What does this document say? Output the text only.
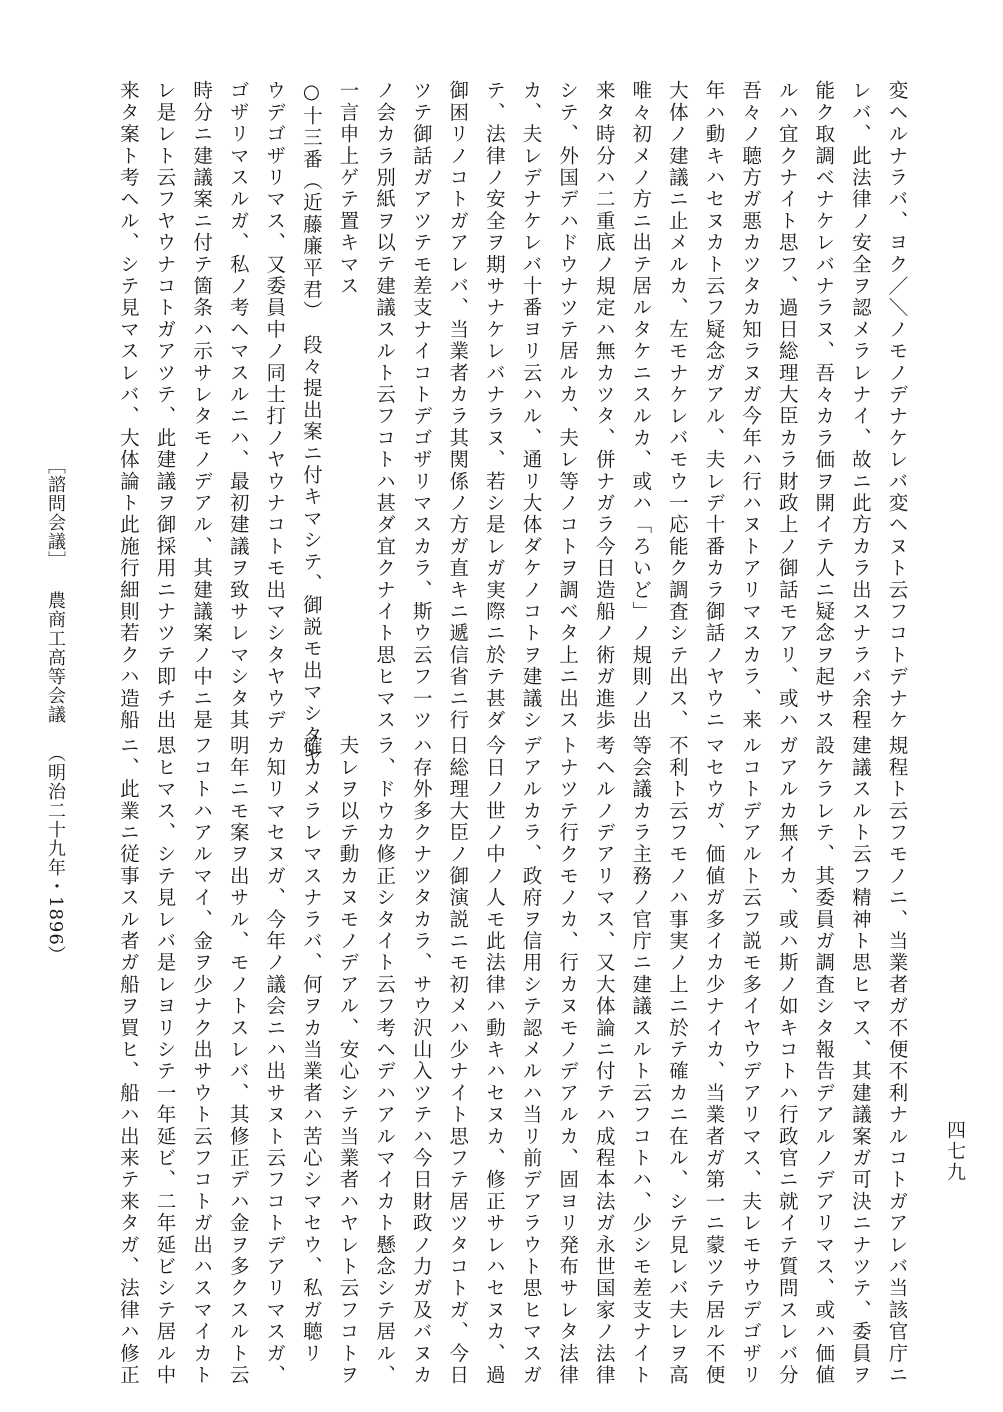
変ヘルナラバ、ヨク／＼ノモノデナケレバ変ヘヌト云フコトデナケ
レバ、此法律ノ安全ヲ認メラレナイ、故ニ此方カラ出スナラバ余程
能ク取調ベナケレバナラヌ、吾々カラ価ヲ開イテ人ニ疑念ヲ起サス
ルハ宜クナイト思フ、過日総理大臣カラ財政上ノ御話モアリ、或ハ
吾々ノ聴方ガ悪カツタカ知ラヌガ今年ハ行ハヌトアリマスカラ、来
年ハ動キハセヌカト云フ疑念ガアル、夫レデ十番カラ御話ノヤウニ
大体ノ建議ニ止メルカ、左モナケレバモウ一応能ク調査シテ出ス、
唯々初メノ方ニ出テ居ルタケニスルカ、或ハ「ろいど」ノ規則ノ出
来タ時分ハ二重底ノ規定ハ無カツタ、併ナガラ今日造船ノ術ガ進歩
シテ、外国デハドウナツテ居ルカ、夫レ等ノコトヲ調ベタ上ニ出ス
カ、夫レデナケレバ十番ヨリ云ハル、通リ大体ダケノコトヲ建議シ
テ、法律ノ安全ヲ期サナケレバナラヌ、若シ是レガ実際ニ於テ甚ダ
御困リノコトガアレバ、当業者カラ其関係ノ方ガ直キニ遞信省ニ行
ツテ御話ガアツテモ差支ナイコトデゴザリマスカラ、斯ウ云フ一ツ
ノ会カラ別紙ヲ以テ建議スルト云フコトハ甚ダ宜クナイト思ヒマス
一言申上ゲテ置キマス
○十三番（近藤廉平君）　段々提出案ニ付キマシテ、御説モ出マシタヤ
ウデゴザリマス、又委員中ノ同士打ノヤウナコトモ出マシタヤウデ
ゴザリマスルガ、私ノ考ヘマスルニハ、最初建議ヲ致サレマシタ其
時分ニ建議案ニ付テ箇条ハ示サレタモノデアル、其建議案ノ中ニ是
レ是レト云フヤウナコトガアツテ、此建議ヲ御採用ニナツテ即チ出
来タ案ト考ヘル、シテ見マスレバ、大体論ト此施行細則若クハ造船
規程ト云フモノニ、当業者ガ不便不利ナルコトガアレバ当該官庁ニ
建議スルト云フ精神ト思ヒマス、其建議案ガ可決ニナツテ、委員ヲ
設ケラレテ、其委員ガ調査シタ報告デアルノデアリマス、或ハ価値
ガアルカ無イカ、或ハ斯ノ如キコトハ行政官ニ就イテ質問スレバ分
ルコトデアルト云フ説モ多イヤウデアリマス、夫レモサウデゴザリ
マセウガ、価値ガ多イカ少ナイカ、当業者ガ第一ニ蒙ツテ居ル不便
不利ト云フモノハ事実ノ上ニ於テ確カニ在ル、シテ見レバ夫レヲ高
等会議カラ主務ノ官庁ニ建議スルト云フコトハ、少シモ差支ナイト
考ヘルノデアリマス、又大体論ニ付テハ成程本法ガ永世国家ノ法律
トナツテ行クモノカ、行カヌモノデアルカ、固ヨリ発布サレタ法律
デアルカラ、政府ヲ信用シテ認メルハ当リ前デアラウト思ヒマスガ
今日ノ世ノ中ノ人モ此法律ハ動キハセヌカ、修正サレハセヌカ、過
日総理大臣ノ御演説ニモ初メハ少ナイト思フテ居ツタコトガ、今日
ハ存外多クナツタカラ、サウ沢山入ツテハ今日財政ノ力ガ及バヌカ
ラ、ドウカ修正シタイト云フ考ヘデハアルマイカト懸念シテ居ル、
夫レヲ以テ動カヌモノデアル、安心シテ当業者ハヤレト云フコトヲ
確カメラレマスナラバ、何ヲカ当業者ハ苦心シマセウ、私ガ聴リ
カ知リマセヌガ、今年ノ議会ニハ出サヌト云フコトデアリマスガ、
明年ニモ案ヲ出サル、モノトスレバ、其修正デハ金ヲ多クスルト云
フコトハアルマイ、金ヲ少ナク出サウト云フコトガ出ハスマイカト
思ヒマス、シテ見レバ是レヨリシテ一年延ビ、二年延ビシテ居ル中
ニ、此業ニ従事スル者ガ船ヲ買ヒ、船ハ出来テ来タガ、法律ハ修正
［諮問会議］ 農商工高等会議 （明治二十九年・1896）
四七九
